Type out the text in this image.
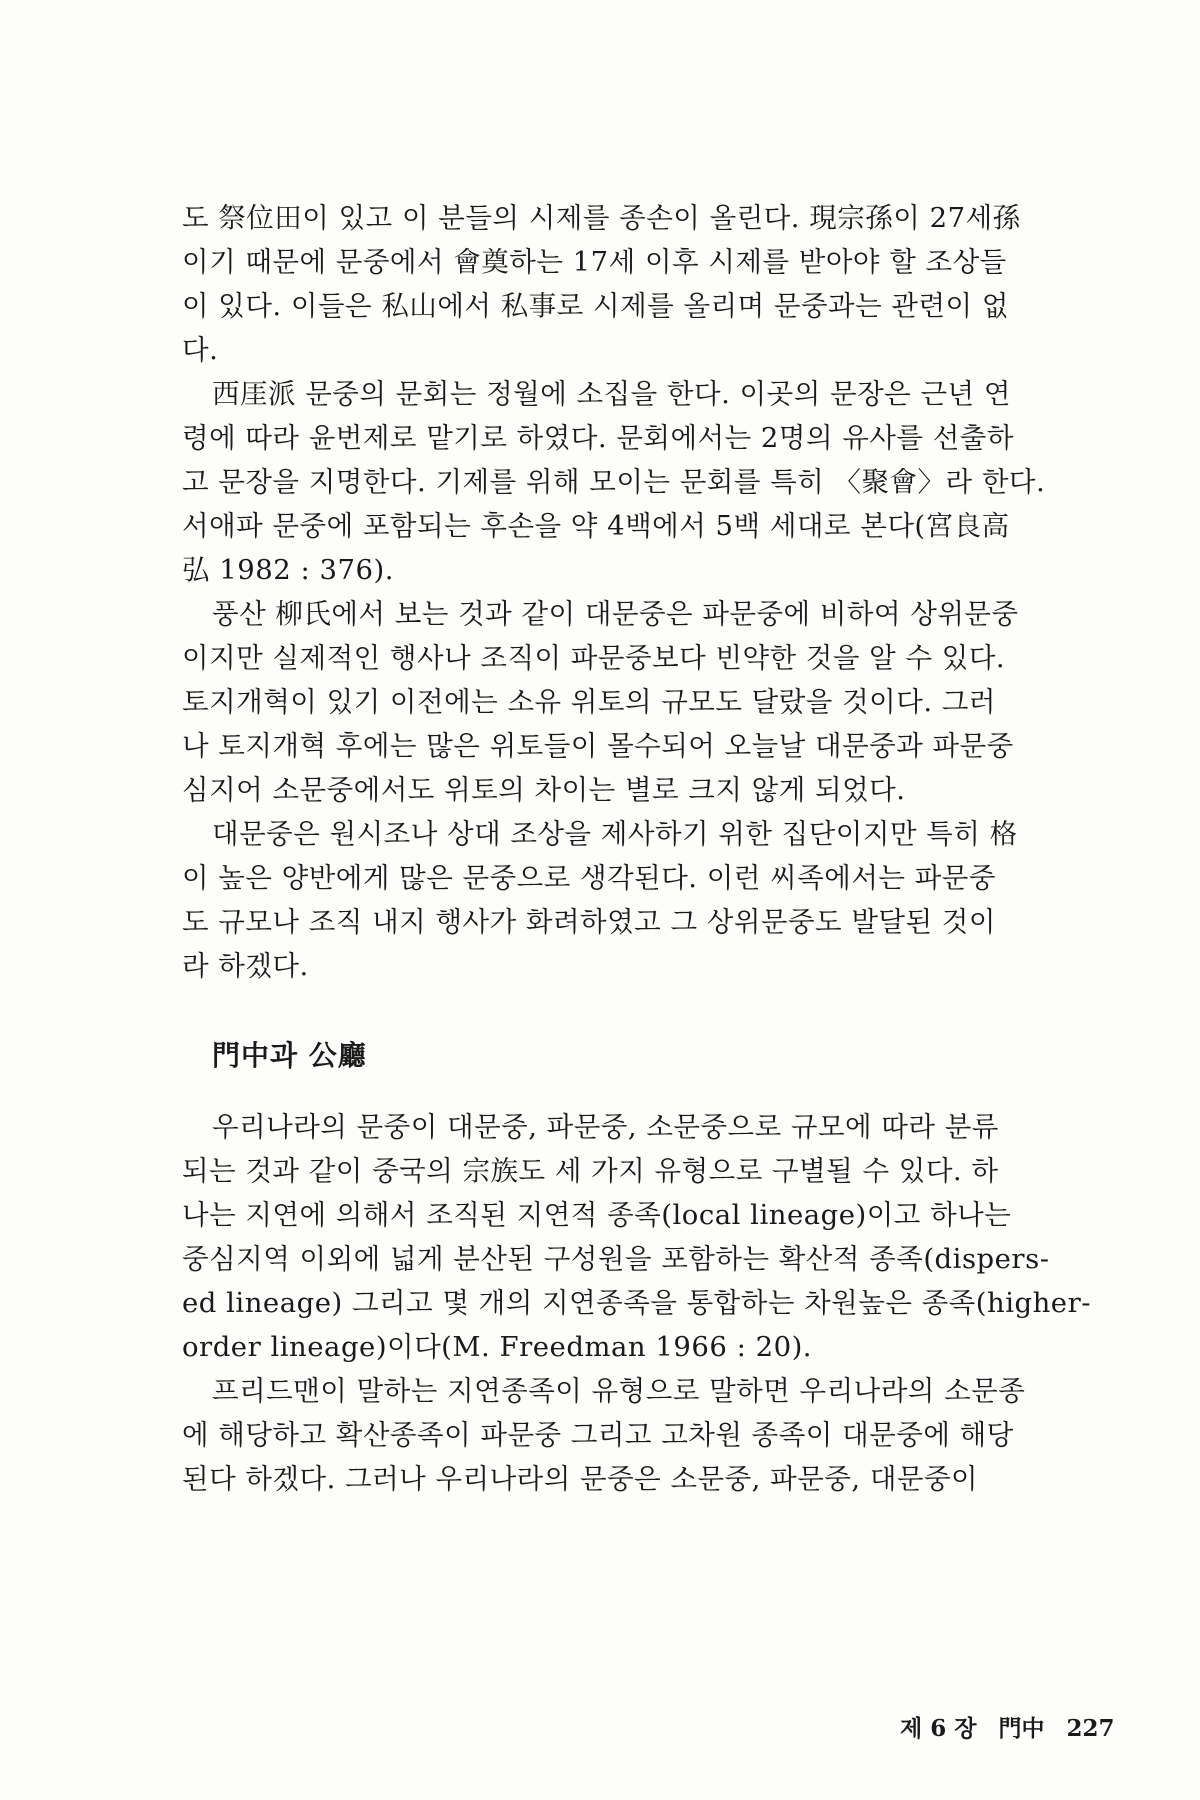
도 祭位田이 있고 이 분들의 시제를 종손이 올린다. 現宗孫이 27세孫
이기 때문에 문중에서 會奠하는 17세 이후 시제를 받아야 할 조상들
이 있다. 이들은 私山에서 私事로 시제를 올리며 문중과는 관련이 없
다.

西厓派 문중의 문회는 정월에 소집을 한다. 이곳의 문장은 근년 연
령에 따라 윤번제로 맡기로 하였다. 문회에서는 2명의 유사를 선출하
고 문장을 지명한다. 기제를 위해 모이는 문회를 특히 〈聚會〉라 한다.
서애파 문중에 포함되는 후손을 약 4백에서 5백 세대로 본다(宮良高
弘 1982 : 376).

풍산 柳氏에서 보는 것과 같이 대문중은 파문중에 비하여 상위문중
이지만 실제적인 행사나 조직이 파문중보다 빈약한 것을 알 수 있다.
토지개혁이 있기 이전에는 소유 위토의 규모도 달랐을 것이다. 그러
나 토지개혁 후에는 많은 위토들이 몰수되어 오늘날 대문중과 파문중
심지어 소문중에서도 위토의 차이는 별로 크지 않게 되었다.

대문중은 원시조나 상대 조상을 제사하기 위한 집단이지만 특히 格
이 높은 양반에게 많은 문중으로 생각된다. 이런 씨족에서는 파문중
도 규모나 조직 내지 행사가 화려하였고 그 상위문중도 발달된 것이
라 하겠다.

門中과 公廳

우리나라의 문중이 대문중, 파문중, 소문중으로 규모에 따라 분류
되는 것과 같이 중국의 宗族도 세 가지 유형으로 구별될 수 있다. 하
나는 지연에 의해서 조직된 지연적 종족(local lineage)이고 하나는
중심지역 이외에 넓게 분산된 구성원을 포함하는 확산적 종족(dispers-
ed lineage) 그리고 몇 개의 지연종족을 통합하는 차원높은 종족(higher-
order lineage)이다(M. Freedman 1966 : 20).

프리드맨이 말하는 지연종족이 유형으로 말하면 우리나라의 소문종
에 해당하고 확산종족이 파문중 그리고 고차원 종족이 대문중에 해당
된다 하겠다. 그러나 우리나라의 문중은 소문중, 파문중, 대문중이

제 6 장 門中 227
